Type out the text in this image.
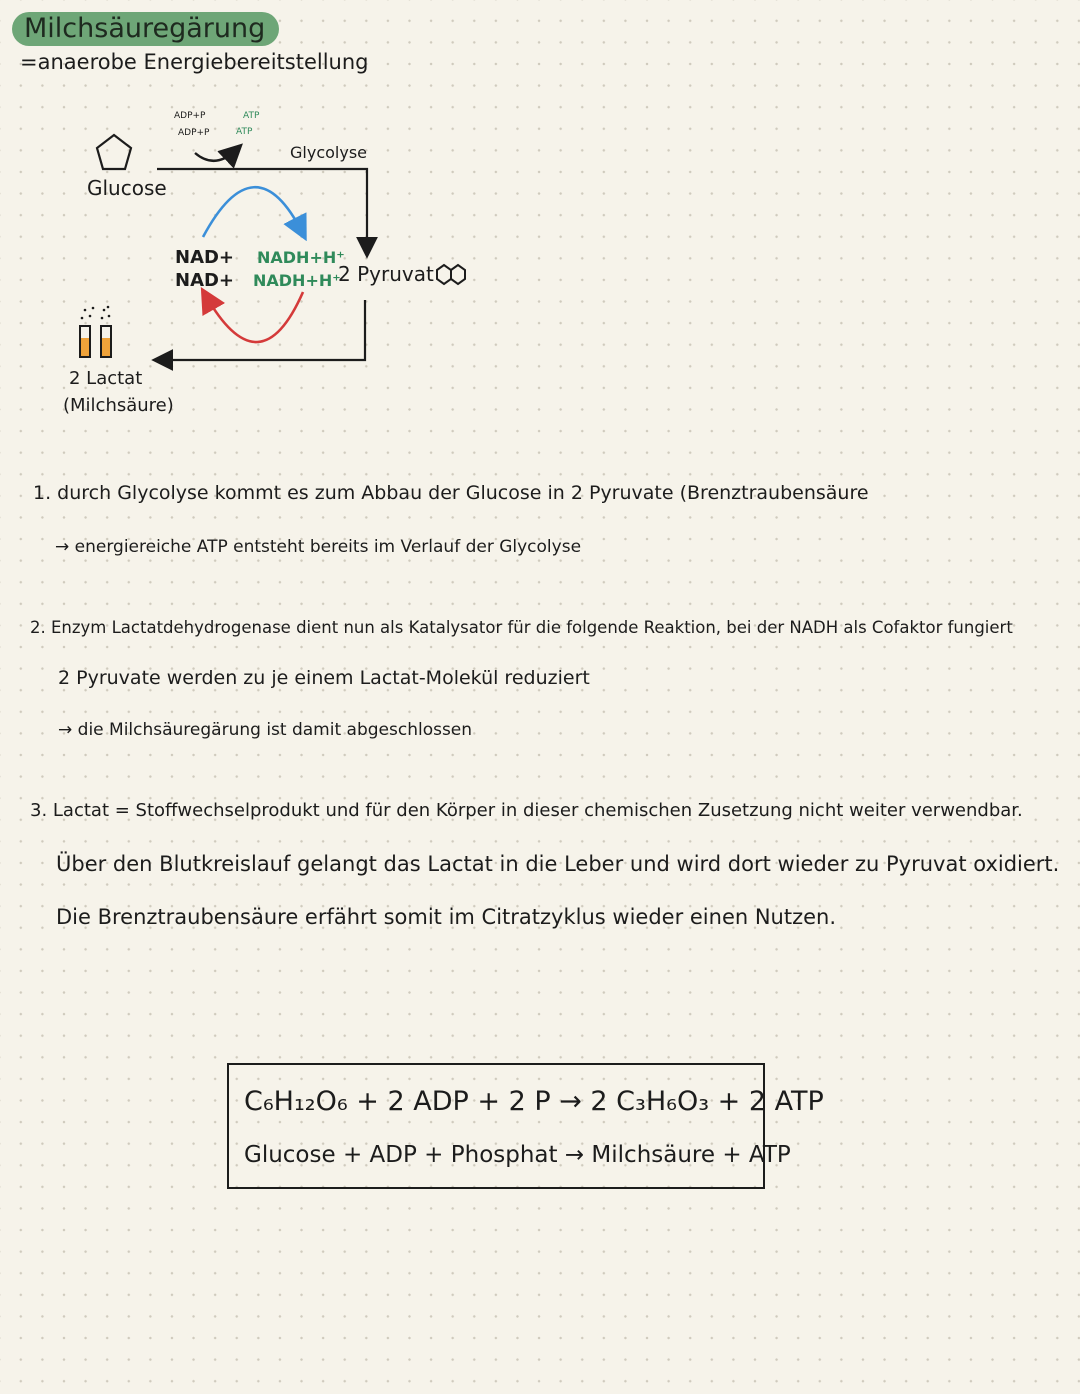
Milchsäuregärung
=anaerobe Energiebereitstellung
ADP+P
ADP+P
ATP
ATP
Glycolyse
Glucose
NAD+
NAD+
NADH+H⁺
NADH+H⁺
2 Pyruvat
2 Lactat
(Milchsäure)
1. durch Glycolyse kommt es zum Abbau der Glucose in 2 Pyruvate (Brenztraubensäure
→ energiereiche ATP entsteht bereits im Verlauf der Glycolyse
2. Enzym Lactatdehydrogenase dient nun als Katalysator für die folgende Reaktion, bei der NADH als Cofaktor fungiert
2 Pyruvate werden zu je einem Lactat-Molekül reduziert
→ die Milchsäuregärung ist damit abgeschlossen
3. Lactat = Stoffwechselprodukt und für den Körper in dieser chemischen Zusetzung nicht weiter verwendbar.
Über den Blutkreislauf gelangt das Lactat in die Leber und wird dort wieder zu Pyruvat oxidiert.
Die Brenztraubensäure erfährt somit im Citratzyklus wieder einen Nutzen.
C₆H₁₂O₆ + 2 ADP + 2 P → 2 C₃H₆O₃ + 2 ATP
Glucose + ADP + Phosphat → Milchsäure + ATP
